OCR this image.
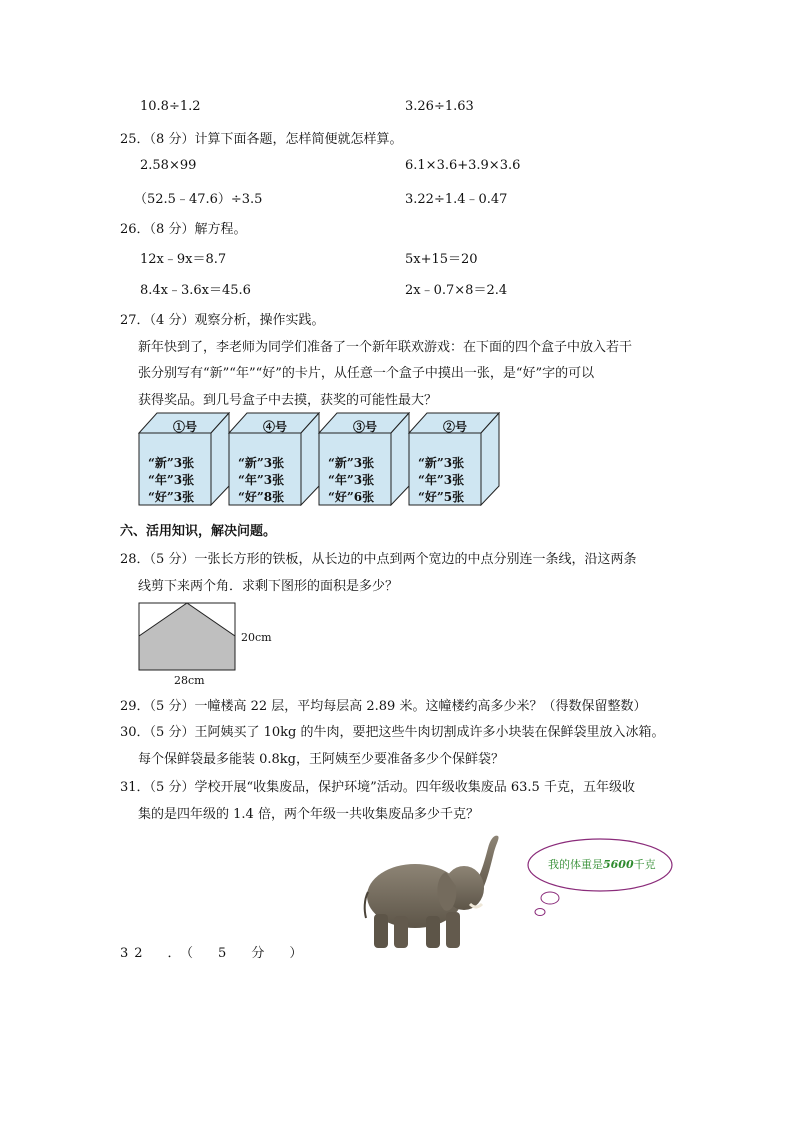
10.8÷1.2	3.26÷1.63
25．（8 分）计算下面各题，怎样简便就怎样算。
2.58×99	6.1×3.6+3.9×3.6
（52.5﹣47.6）÷3.5	3.22÷1.4﹣0.47
26．（8 分）解方程。
12x﹣9x＝8.7	5x+15＝20
8.4x﹣3.6x＝45.6	2x﹣0.7×8＝2.4
27．（4 分）观察分析，操作实践。
新年快到了，李老师为同学们准备了一个新年联欢游戏：在下面的四个盒子中放入若干
张分别写有“新”“年”“好”的卡片，从任意一个盒子中摸出一张，是“好”字的可以
获得奖品。到几号盒子中去摸，获奖的可能性最大？
①号
“新”3张
“年”3张
“好”3张
④号
“新”3张
“年”3张
“好”8张
③号
“新”3张
“年”3张
“好”6张
②号
“新”3张
“年”3张
“好”5张
六、活用知识，解决问题。
28．（5 分）一张长方形的铁板，从长边的中点到两个宽边的中点分别连一条线，沿这两条
线剪下来两个角．求剩下图形的面积是多少？
20cm
28cm
29．（5 分）一幢楼高 22 层，平均每层高 2.89 米。这幢楼约高多少米？（得数保留整数）
30．（5 分）王阿姨买了 10kg 的牛肉，要把这些牛肉切割成许多小块装在保鲜袋里放入冰箱。
每个保鲜袋最多能装 0.8kg，王阿姨至少要准备多少个保鲜袋？
31．（5 分）学校开展“收集废品，保护环境”活动。四年级收集废品 63.5 千克，五年级收
集的是四年级的 1.4 倍，两个年级一共收集废品多少千克？
我的体重是5600千克
32　．（　5　分　）
